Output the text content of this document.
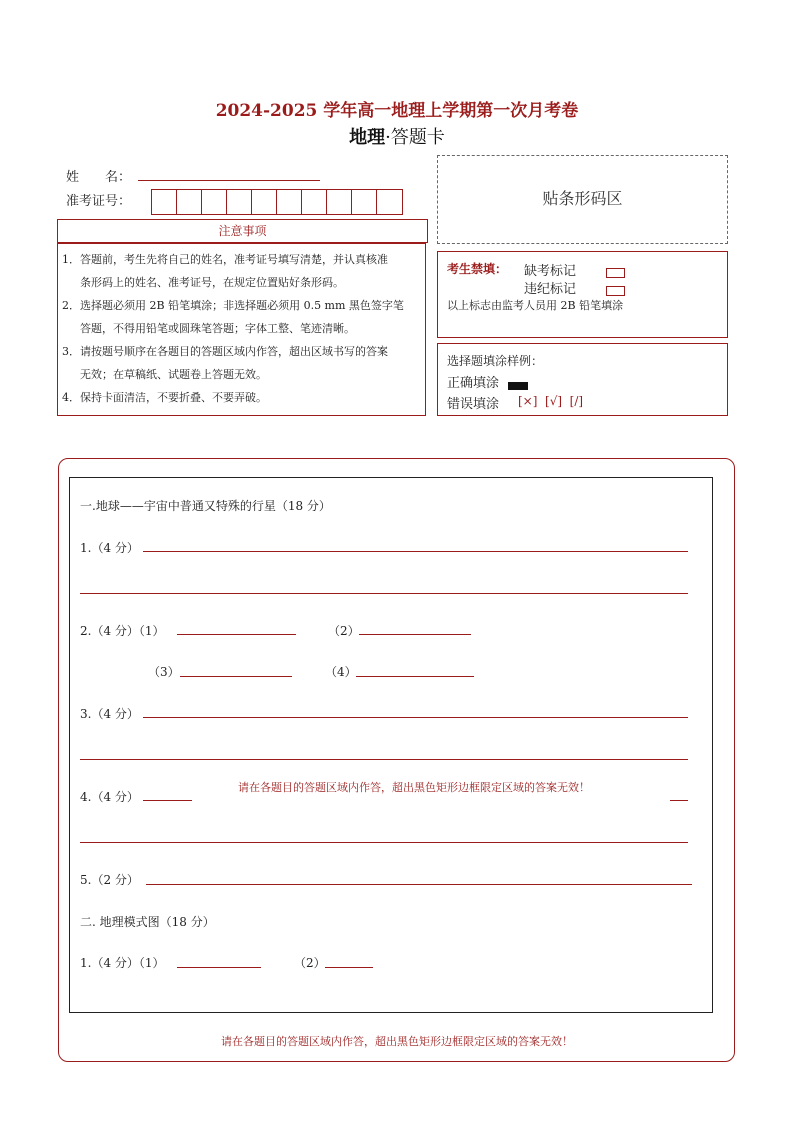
2024-2025 学年高一地理上学期第一次月考卷
地理·答题卡
姓　　名：
准考证号：
注意事项

1．答题前，考生先将自己的姓名，准考证号填写清楚，并认真核准

条形码上的姓名、准考证号，在规定位置贴好条形码。

2．选择题必须用 2B 铅笔填涂；非选择题必须用 0.5 mm 黑色签字笔

答题，不得用铅笔或圆珠笔答题；字体工整、笔迹清晰。

3．请按题号顺序在各题目的答题区域内作答，超出区域书写的答案

无效；在草稿纸、试题卷上答题无效。

4．保持卡面清洁，不要折叠、不要弄破。

贴条形码区
考生禁填： 缺考标记
违纪标记
以上标志由监考人员用 2B 铅笔填涂
选择题填涂样例：
正确填涂
错误填涂 [×]  [√]  [/]
一.地球——宇宙中普通又特殊的行星（18 分）
1.（4 分）
2.（4 分）（1）	（2）
（3）	（4）
3.（4 分）
4.（4 分）
请在各题目的答题区域内作答，超出黑色矩形边框限定区域的答案无效！
5.（2 分）
二. 地理模式图（18 分）
1.（4 分）（1）	（2）
请在各题目的答题区域内作答，超出黑色矩形边框限定区域的答案无效！
